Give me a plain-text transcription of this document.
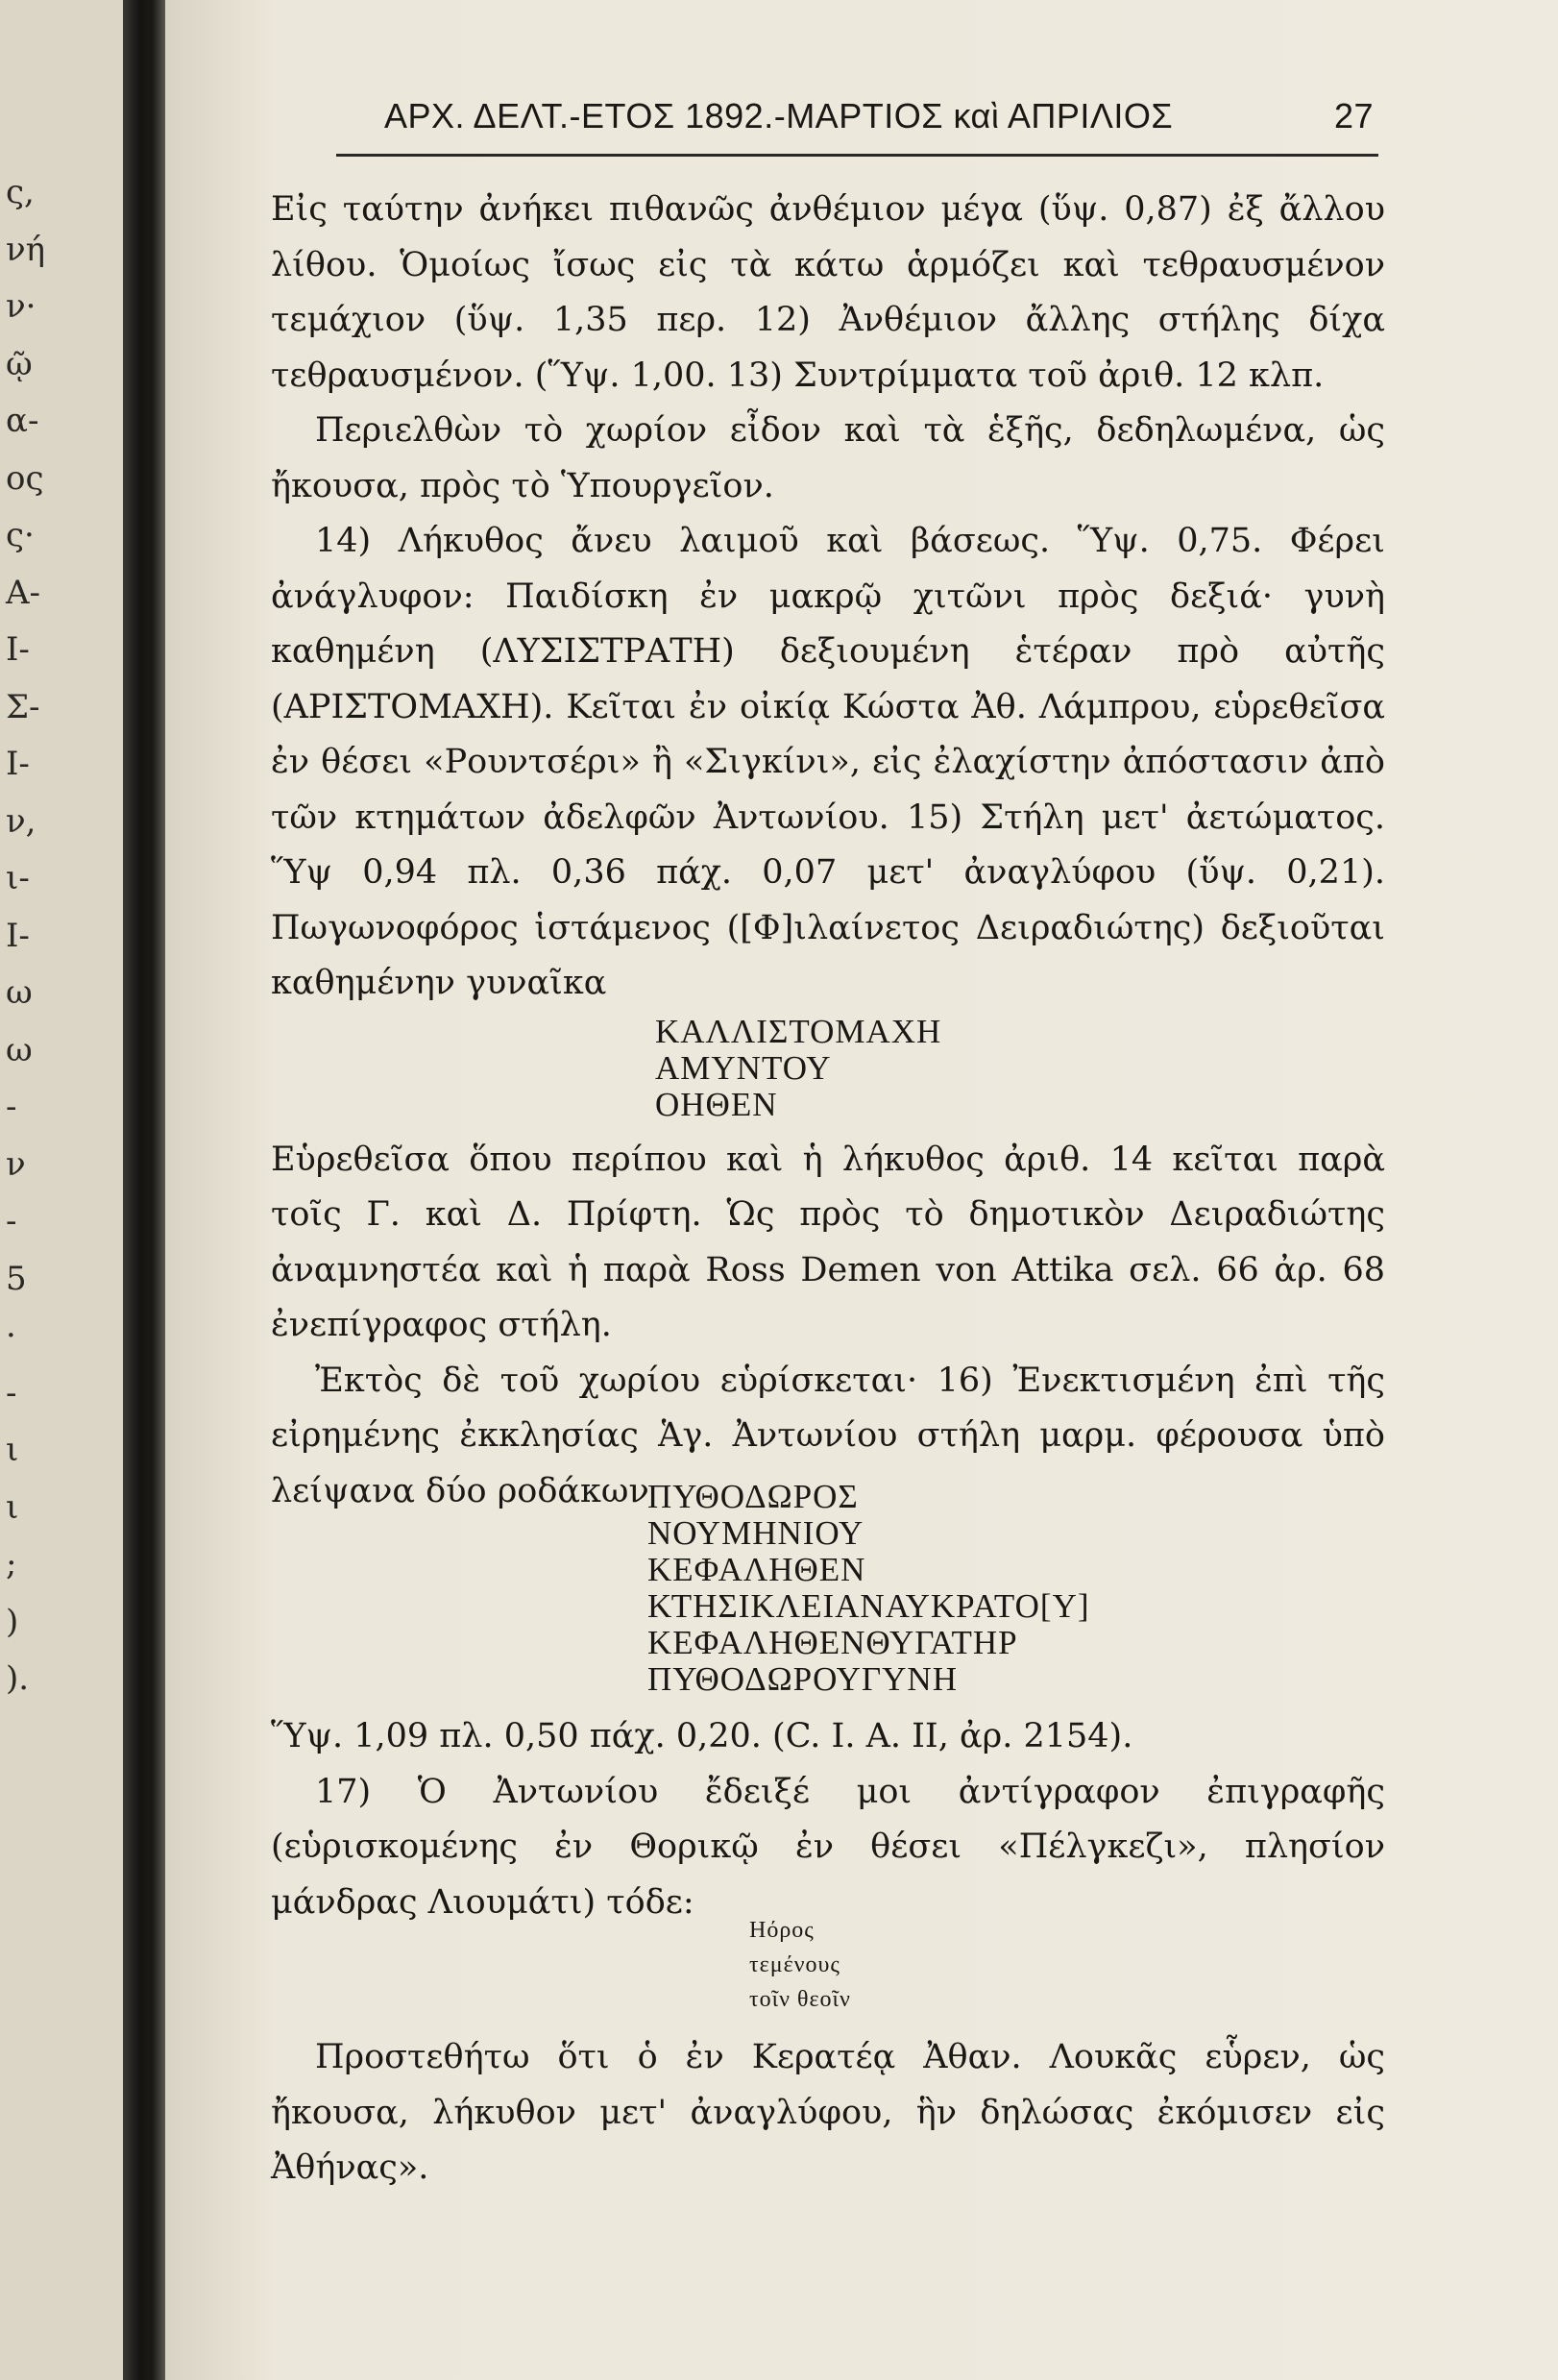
ς,
νή
ν·
ῷ
α-
ος
ς·
Α-
Ι-
Σ-
Ι-
ν,
ι-
Ι-
ω
ω
-
ν
-
5
·
-
ι
ι
;
)
).
ΑΡΧ. ΔΕΛΤ.-ΕΤΟΣ 1892.-ΜΑΡΤΙΟΣ καὶ ΑΠΡΙΛΙΟΣ	27

Εἰς ταύτην ἀνήκει πιθανῶς ἀνθέμιον μέγα (ὕψ. 0,87) ἐξ ἄλλου λίθου. Ὁμοίως ἴσως εἰς τὰ κάτω ἁρμόζει καὶ τεθραυσμένον τεμάχιον (ὕψ. 1,35 περ. 12) Ἀνθέμιον ἄλλης στήλης δίχα τεθραυσμένον. (Ὕψ. 1,00. 13) Συντρίμματα τοῦ ἀριθ. 12 κλπ.

Περιελθὼν τὸ χωρίον εἶδον καὶ τὰ ἑξῆς, δεδηλωμένα, ὡς ἤκουσα, πρὸς τὸ Ὑπουργεῖον.

14) Λήκυθος ἄνευ λαιμοῦ καὶ βάσεως. Ὕψ. 0,75. Φέρει ἀνάγλυφον: Παιδίσκη ἐν μακρῷ χιτῶνι πρὸς δεξιά· γυνὴ καθημένη (ΛΥΣΙΣΤΡΑΤΗ) δεξιουμένη ἑτέραν πρὸ αὐτῆς (ΑΡΙΣΤΟΜΑΧΗ). Κεῖται ἐν οἰκίᾳ Κώστα Ἀθ. Λάμπρου, εὑρεθεῖσα ἐν θέσει «Ρουντσέρι» ἢ «Σιγκίνι», εἰς ἐλαχίστην ἀπόστασιν ἀπὸ τῶν κτημάτων ἀδελφῶν Ἀντωνίου. 15) Στήλη μετ' ἀετώματος. Ὕψ 0,94 πλ. 0,36 πάχ. 0,07 μετ' ἀναγλύφου (ὕψ. 0,21). Πωγωνοφόρος ἱστάμενος ([Φ]ιλαίνετος Δειραδιώτης) δεξιοῦται καθημένην γυναῖκα

ΚΑΛΛΙΣΤΟΜΑΧΗ
ΑΜΥΝΤΟΥ
ΟΗΘΕΝ

Εὑρεθεῖσα ὅπου περίπου καὶ ἡ λήκυθος ἀριθ. 14 κεῖται παρὰ τοῖς Γ. καὶ Δ. Πρίφτη. Ὡς πρὸς τὸ δημοτικὸν Δειραδιώτης ἀναμνηστέα καὶ ἡ παρὰ Ross Demen von Attika σελ. 66 ἀρ. 68 ἐνεπίγραφος στήλη.

Ἐκτὸς δὲ τοῦ χωρίου εὑρίσκεται· 16) Ἐνεκτισμένη ἐπὶ τῆς εἰρημένης ἐκκλησίας Ἁγ. Ἀντωνίου στήλη μαρμ. φέρουσα ὑπὸ λείψανα δύο ροδάκων

ΠΥΘΟΔΩΡΟΣ
ΝΟΥΜΗΝΙΟΥ
ΚΕΦΑΛΗΘΕΝ
ΚΤΗΣΙΚΛΕΙΑΝΑΥΚΡΑΤΟ[Υ]
ΚΕΦΑΛΗΘΕΝΘΥΓΑΤΗΡ
ΠΥΘΟΔΩΡΟΥΓΥΝΗ

Ὕψ. 1,09 πλ. 0,50 πάχ. 0,20. (C. I. A. II, ἀρ. 2154).

17) Ὁ Ἀντωνίου ἔδειξέ μοι ἀντίγραφον ἐπιγραφῆς (εὑρισκομένης ἐν Θορικῷ ἐν θέσει «Πέλγκεζι», πλησίον μάνδρας Λιουμάτι) τόδε:

Ηόρος
τεμένους
τοῖν θεοῖν

Προστεθήτω ὅτι ὁ ἐν Κερατέᾳ Ἀθαν. Λουκᾶς εὗρεν, ὡς ἤκουσα, λήκυθον μετ' ἀναγλύφου, ἣν δηλώσας ἐκόμισεν εἰς Ἀθήνας».
